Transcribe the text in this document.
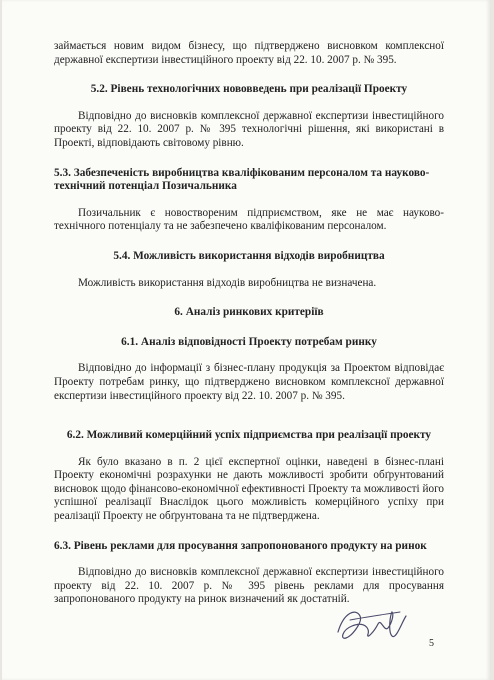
займається новим видом бізнесу, що підтверджено висновком комплексної державної експертизи інвестиційного проекту від 22. 10. 2007 р. № 395.

5.2. Рівень технологічних нововведень при реалізації Проекту

Відповідно до висновків комплексної державної експертизи інвестиційного проекту від 22. 10. 2007 р. № 395 технологічні рішення, які використані в Проекті, відповідають світовому рівню.

5.3. Забезпеченість виробництва кваліфікованим персоналом та науково-технічний потенціал Позичальника

Позичальник є новоствореним підприємством, яке не має науково-технічного потенціалу та не забезпечено кваліфікованим персоналом.

5.4. Можливість використання відходів виробництва

Можливість використання відходів виробництва не визначена.

6. Аналіз ринкових критеріїв
6.1. Аналіз відповідності Проекту потребам ринку

Відповідно до інформації з бізнес-плану продукція за Проектом відповідає Проекту потребам ринку, що підтверджено висновком комплексної державної експертизи інвестиційного проекту від 22. 10. 2007 р. № 395.

6.2. Можливий комерційний успіх підприємства при реалізації проекту

Як було вказано в п. 2 цієї експертної оцінки, наведені в бізнес-плані Проекту економічні розрахунки не дають можливості зробити обґрунтований висновок щодо фінансово-економічної ефективності Проекту та можливості його успішної реалізації Внаслідок цього можливість комерційного успіху при реалізації Проекту не обґрунтована та не підтверджена.

6.3. Рівень реклами для просування запропонованого продукту на ринок

Відповідно до висновків комплексної державної експертизи інвестиційного проекту від 22. 10. 2007 р. № 395 рівень реклами для просування запропонованого продукту на ринок визначений як достатній.

5
